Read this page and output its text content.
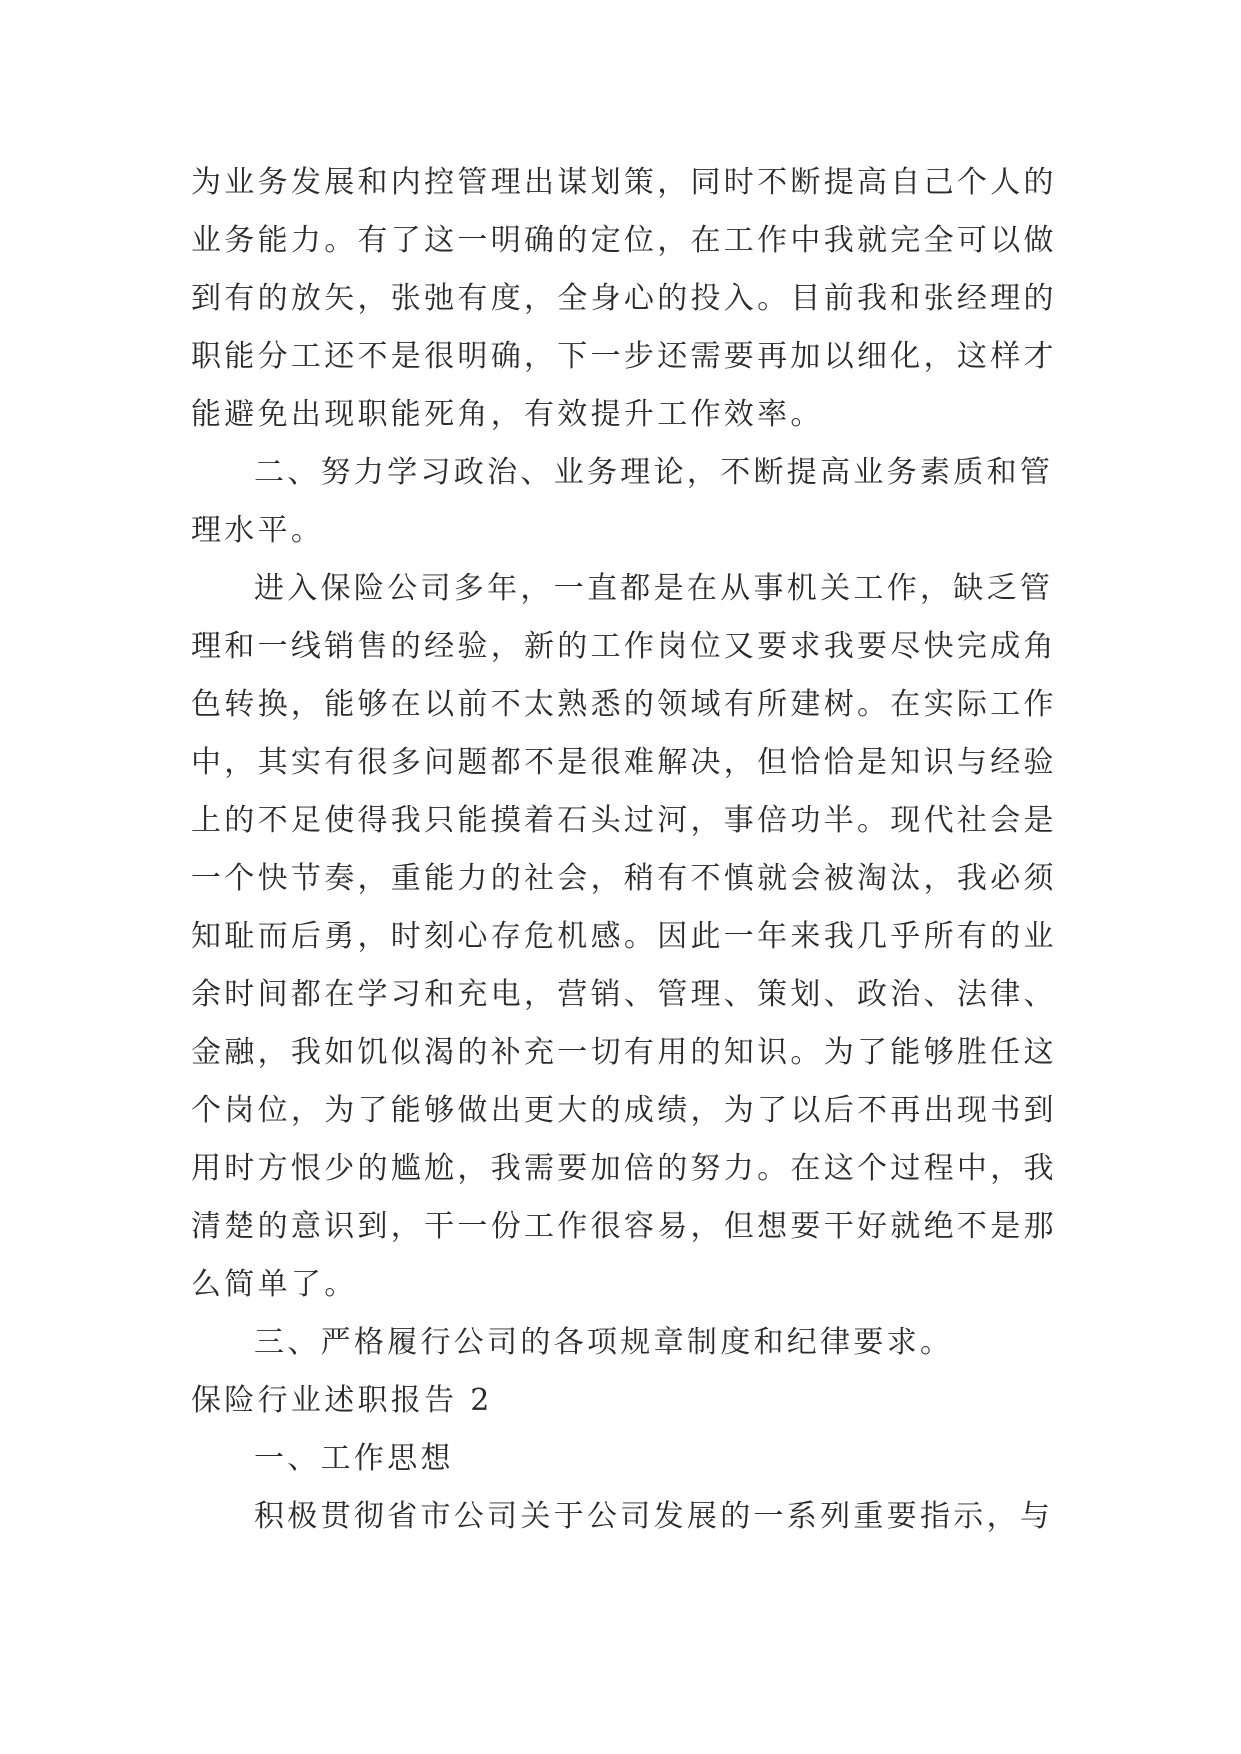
为业务发展和内控管理出谋划策，同时不断提高自己个人的
业务能力。有了这一明确的定位，在工作中我就完全可以做
到有的放矢，张弛有度，全身心的投入。目前我和张经理的
职能分工还不是很明确，下一步还需要再加以细化，这样才
能避免出现职能死角，有效提升工作效率。
二、努力学习政治、业务理论，不断提高业务素质和管
理水平。
进入保险公司多年，一直都是在从事机关工作，缺乏管
理和一线销售的经验，新的工作岗位又要求我要尽快完成角
色转换，能够在以前不太熟悉的领域有所建树。在实际工作
中，其实有很多问题都不是很难解决，但恰恰是知识与经验
上的不足使得我只能摸着石头过河，事倍功半。现代社会是
一个快节奏，重能力的社会，稍有不慎就会被淘汰，我必须
知耻而后勇，时刻心存危机感。因此一年来我几乎所有的业
余时间都在学习和充电，营销、管理、策划、政治、法律、
金融，我如饥似渴的补充一切有用的知识。为了能够胜任这
个岗位，为了能够做出更大的成绩，为了以后不再出现书到
用时方恨少的尴尬，我需要加倍的努力。在这个过程中，我
清楚的意识到，干一份工作很容易，但想要干好就绝不是那
么简单了。
三、严格履行公司的各项规章制度和纪律要求。
保险行业述职报告 2
一、工作思想
积极贯彻省市公司关于公司发展的一系列重要指示，与
